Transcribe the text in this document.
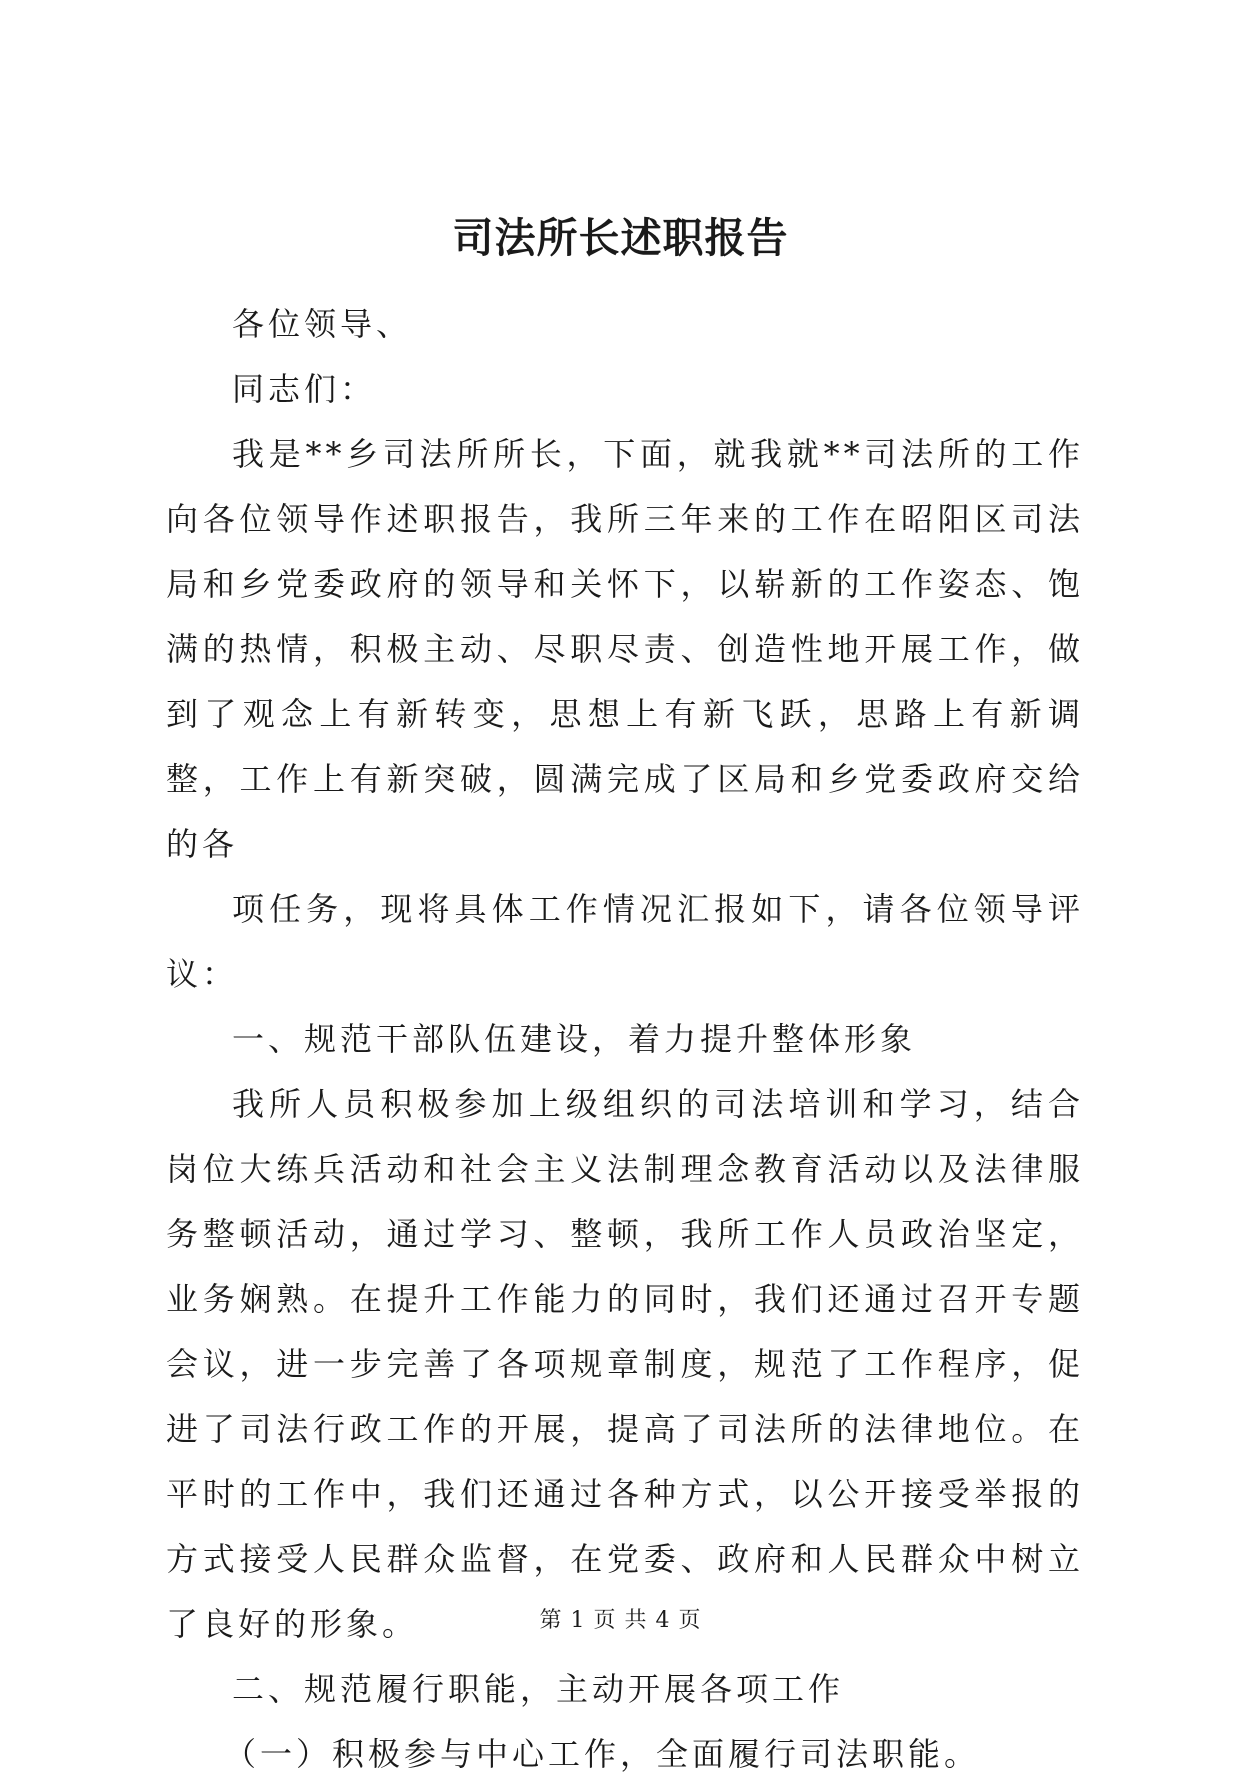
司法所长述职报告

各位领导、

同志们：

我是**乡司法所所长，下面，就我就**司法所的工作向各位领导作述职报告，我所三年来的工作在昭阳区司法局和乡党委政府的领导和关怀下，以崭新的工作姿态、饱满的热情，积极主动、尽职尽责、创造性地开展工作，做到了观念上有新转变，思想上有新飞跃，思路上有新调整，工作上有新突破，圆满完成了区局和乡党委政府交给的各

项任务，现将具体工作情况汇报如下，请各位领导评议：

一、规范干部队伍建设，着力提升整体形象

我所人员积极参加上级组织的司法培训和学习，结合岗位大练兵活动和社会主义法制理念教育活动以及法律服务整顿活动，通过学习、整顿，我所工作人员政治坚定，业务娴熟。在提升工作能力的同时，我们还通过召开专题会议，进一步完善了各项规章制度，规范了工作程序，促进了司法行政工作的开展，提高了司法所的法律地位。在平时的工作中，我们还通过各种方式，以公开接受举报的方式接受人民群众监督，在党委、政府和人民群众中树立了良好的形象。

二、规范履行职能，主动开展各项工作

（一）积极参与中心工作，全面履行司法职能。

第 1 页 共 4 页
